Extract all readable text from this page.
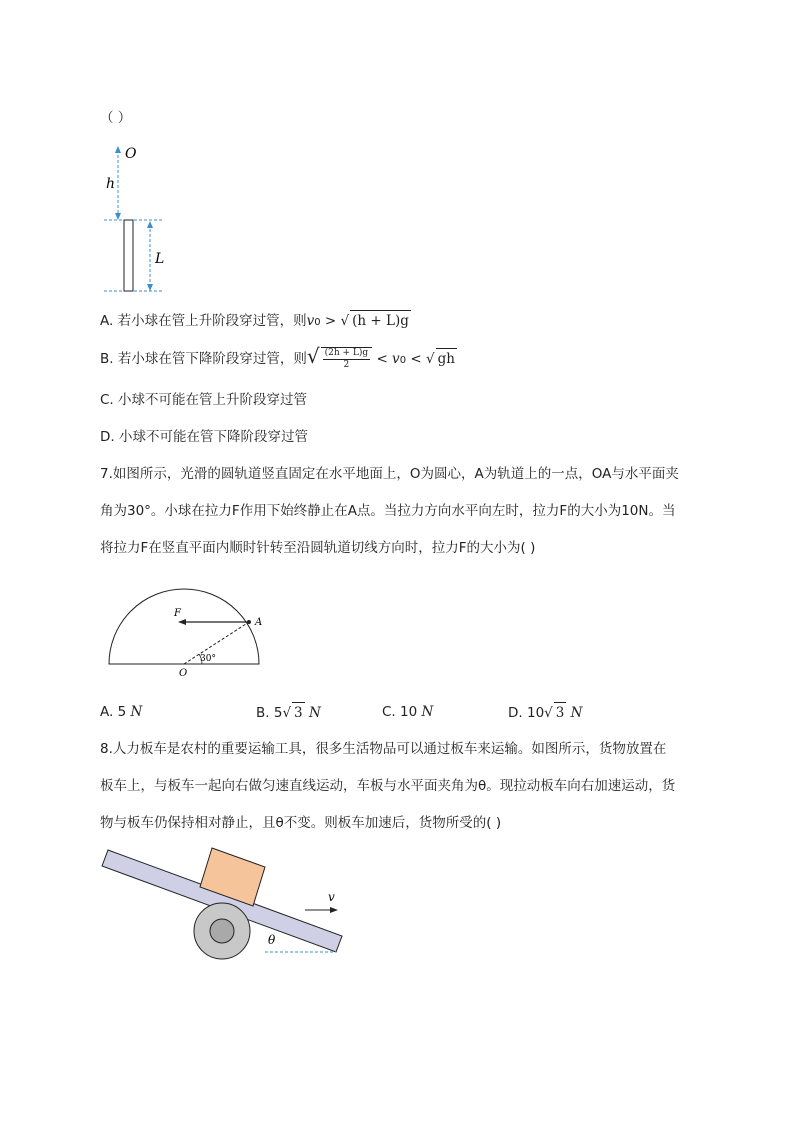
（ ）
O
h
L
A. 若小球在管上升阶段穿过管，则v0 > √ (h + L)g
B. 若小球在管下降阶段穿过管，则√ $\frac{(2h + L)g}{2} < v0$ < √ gh
C. 小球不可能在管上升阶段穿过管
D. 小球不可能在管下降阶段穿过管
7.如图所示，光滑的圆轨道竖直固定在水平地面上，O为圆心，A为轨道上的一点，OA与水平面夹
角为30°。小球在拉力F作用下始终静止在A点。当拉力方向水平向左时，拉力F的大小为10N。当
将拉力F在竖直平面内顺时针转至沿圆轨道切线方向时，拉力F的大小为( )
F
A
O
30°
A. 5 N	B. 5√ 3 N	C. 10 N	D. 10√ 3 N
8.人力板车是农村的重要运输工具，很多生活物品可以通过板车来运输。如图所示，货物放置在
板车上，与板车一起向右做匀速直线运动，车板与水平面夹角为θ。现拉动板车向右加速运动，货
物与板车仍保持相对静止，且θ不变。则板车加速后，货物所受的( )
v
θ
